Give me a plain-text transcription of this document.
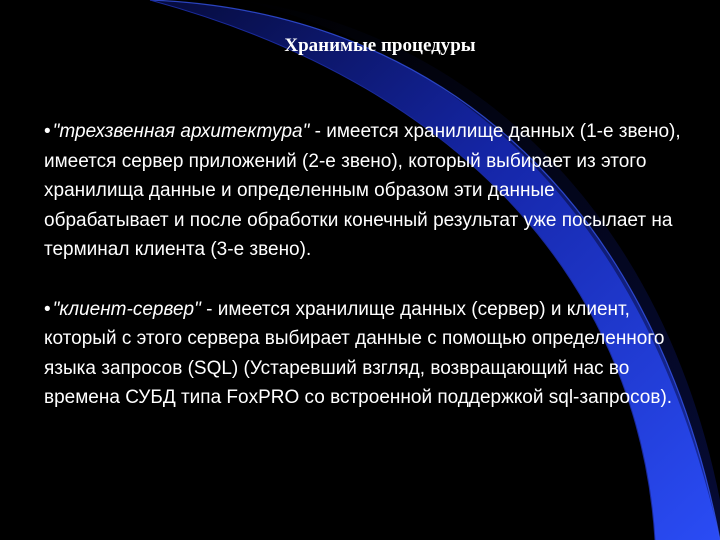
Хранимые процедуры

• "трехзвенная архитектура" - имеется хранилище данных (1-е звено), имеется сервер приложений (2-е звено), который выбирает из этого хранилища данные и определенным образом эти данные обрабатывает и после обработки конечный результат уже посылает на терминал клиента (3-е звено).

• "клиент-сервер" - имеется хранилище данных (сервер) и клиент, который с этого сервера выбирает данные с помощью определенного языка запросов (SQL) (Устаревший взгляд, возвращающий нас во времена СУБД типа FoxPRO со встроенной поддержкой sql-запросов).
